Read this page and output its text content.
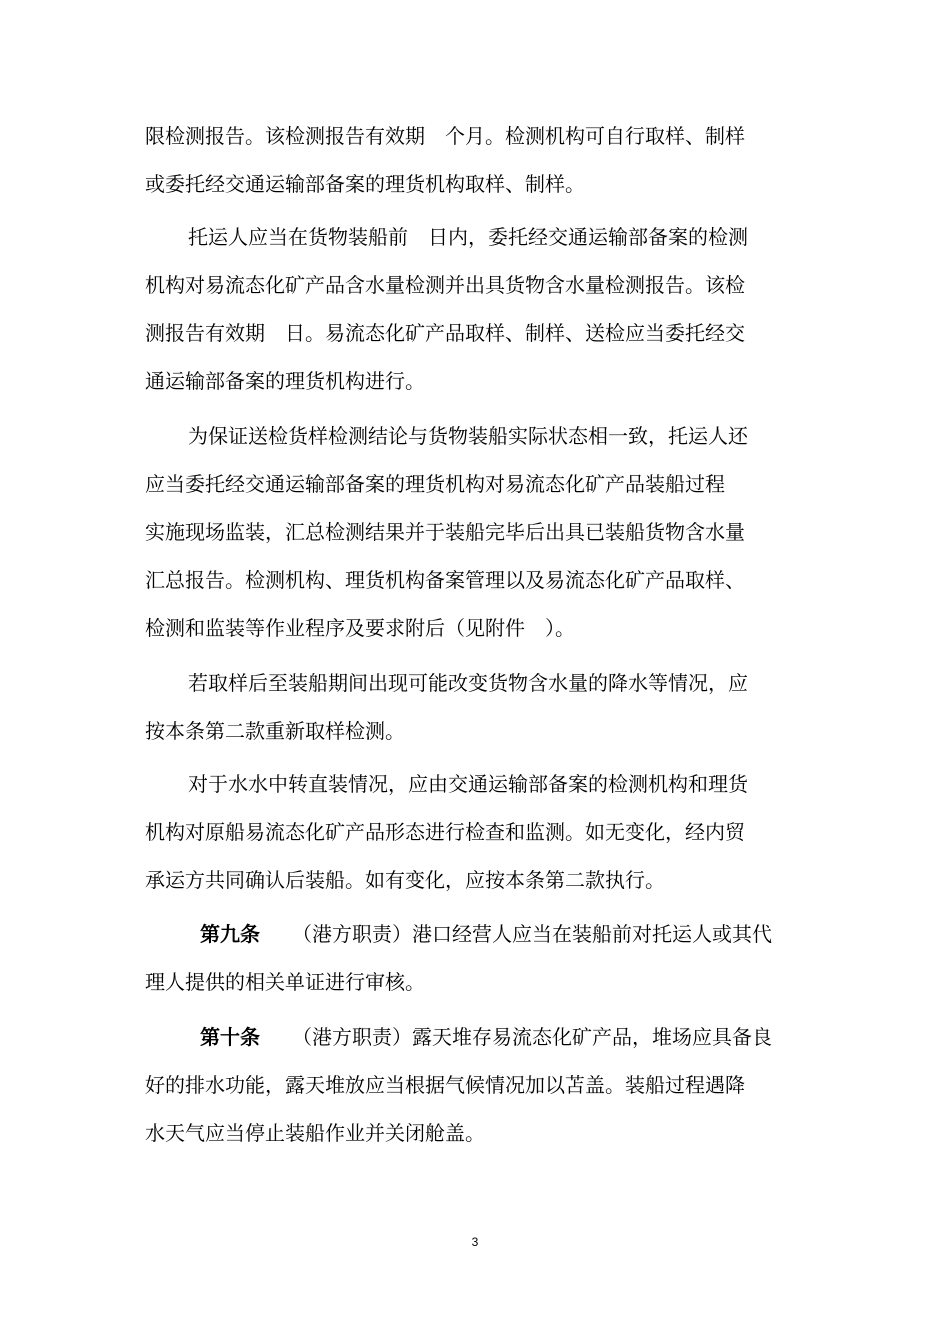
限检测报告。该检测报告有效期　个月。检测机构可自行取样、制样
或委托经交通运输部备案的理货机构取样、制样。
托运人应当在货物装船前　日内，委托经交通运输部备案的检测
机构对易流态化矿产品含水量检测并出具货物含水量检测报告。该检
测报告有效期　日。易流态化矿产品取样、制样、送检应当委托经交
通运输部备案的理货机构进行。
为保证送检货样检测结论与货物装船实际状态相一致，托运人还
应当委托经交通运输部备案的理货机构对易流态化矿产品装船过程
实施现场监装，汇总检测结果并于装船完毕后出具已装船货物含水量
汇总报告。检测机构、理货机构备案管理以及易流态化矿产品取样、
检测和监装等作业程序及要求附后（见附件　）。
若取样后至装船期间出现可能改变货物含水量的降水等情况，应
按本条第二款重新取样检测。
对于水水中转直装情况，应由交通运输部备案的检测机构和理货
机构对原船易流态化矿产品形态进行检查和监测。如无变化，经内贸
承运方共同确认后装船。如有变化，应按本条第二款执行。
第九条	（港方职责）港口经营人应当在装船前对托运人或其代
理人提供的相关单证进行审核。
第十条	（港方职责）露天堆存易流态化矿产品，堆场应具备良
好的排水功能，露天堆放应当根据气候情况加以苫盖。装船过程遇降
水天气应当停止装船作业并关闭舱盖。
3
